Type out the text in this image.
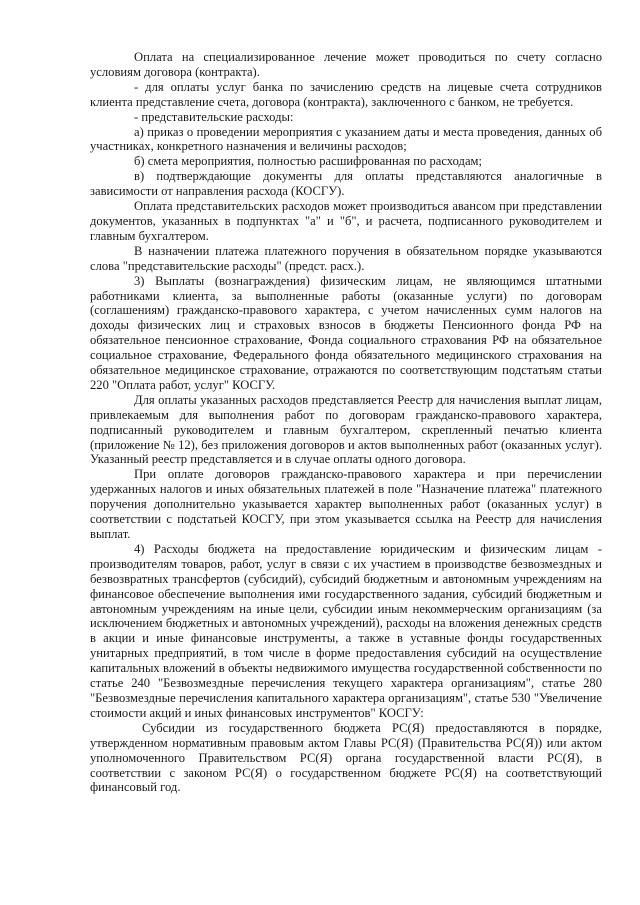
Оплата на специализированное лечение может проводиться по счету согласно условиям договора (контракта).

- для оплаты услуг банка по зачислению средств на лицевые счета сотрудников клиента представление счета, договора (контракта), заключенного с банком, не требуется.

- представительские расходы:

а) приказ о проведении мероприятия с указанием даты и места проведения, данных об участниках, конкретного назначения и величины расходов;

б) смета мероприятия, полностью расшифрованная по расходам;

в) подтверждающие документы для оплаты представляются аналогичные в зависимости от направления расхода (КОСГУ).

Оплата представительских расходов может производиться авансом при представлении документов, указанных в подпунктах "а" и "б", и расчета, подписанного руководителем и главным бухгалтером.

В назначении платежа платежного поручения в обязательном порядке указываются слова "представительские расходы" (предст. расх.).

3) Выплаты (вознаграждения) физическим лицам, не являющимся штатными работниками клиента, за выполненные работы (оказанные услуги) по договорам (соглашениям) гражданско-правового характера, с учетом начисленных сумм налогов на доходы физических лиц и страховых взносов в бюджеты Пенсионного фонда РФ на обязательное пенсионное страхование, Фонда социального страхования РФ на обязательное социальное страхование, Федерального фонда обязательного медицинского страхования на обязательное медицинское страхование, отражаются по соответствующим подстатьям статьи 220 "Оплата работ, услуг" КОСГУ.

Для оплаты указанных расходов представляется Реестр для начисления выплат лицам, привлекаемым для выполнения работ по договорам гражданско-правового характера, подписанный руководителем и главным бухгалтером, скрепленный печатью клиента (приложение № 12), без приложения договоров и актов выполненных работ (оказанных услуг). Указанный реестр представляется и в случае оплаты одного договора.

При оплате договоров гражданско-правового характера и при перечислении удержанных налогов и иных обязательных платежей в поле "Назначение платежа" платежного поручения дополнительно указывается характер выполненных работ (оказанных услуг) в соответствии с подстатьей КОСГУ, при этом указывается ссылка на Реестр для начисления выплат.

4) Расходы бюджета на предоставление юридическим и физическим лицам - производителям товаров, работ, услуг в связи с их участием в производстве безвозмездных и безвозвратных трансфертов (субсидий), субсидий бюджетным и автономным учреждениям на финансовое обеспечение выполнения ими государственного задания, субсидий бюджетным и автономным учреждениям на иные цели, субсидии иным некоммерческим организациям (за исключением бюджетных и автономных учреждений), расходы на вложения денежных средств в акции и иные финансовые инструменты, а также в уставные фонды государственных унитарных предприятий, в том числе в форме предоставления субсидий на осуществление капитальных вложений в объекты недвижимого имущества государственной собственности по статье 240 "Безвозмездные перечисления текущего характера организациям", статье 280 "Безвозмездные перечисления капитального характера организациям", статье 530 "Увеличение стоимости акций и иных финансовых инструментов" КОСГУ:

Субсидии из государственного бюджета РС(Я) предоставляются в порядке, утвержденном нормативным правовым актом Главы РС(Я) (Правительства РС(Я)) или актом уполномоченного Правительством РС(Я) органа государственной власти РС(Я), в соответствии с законом РС(Я) о государственном бюджете РС(Я) на соответствующий финансовый год.
